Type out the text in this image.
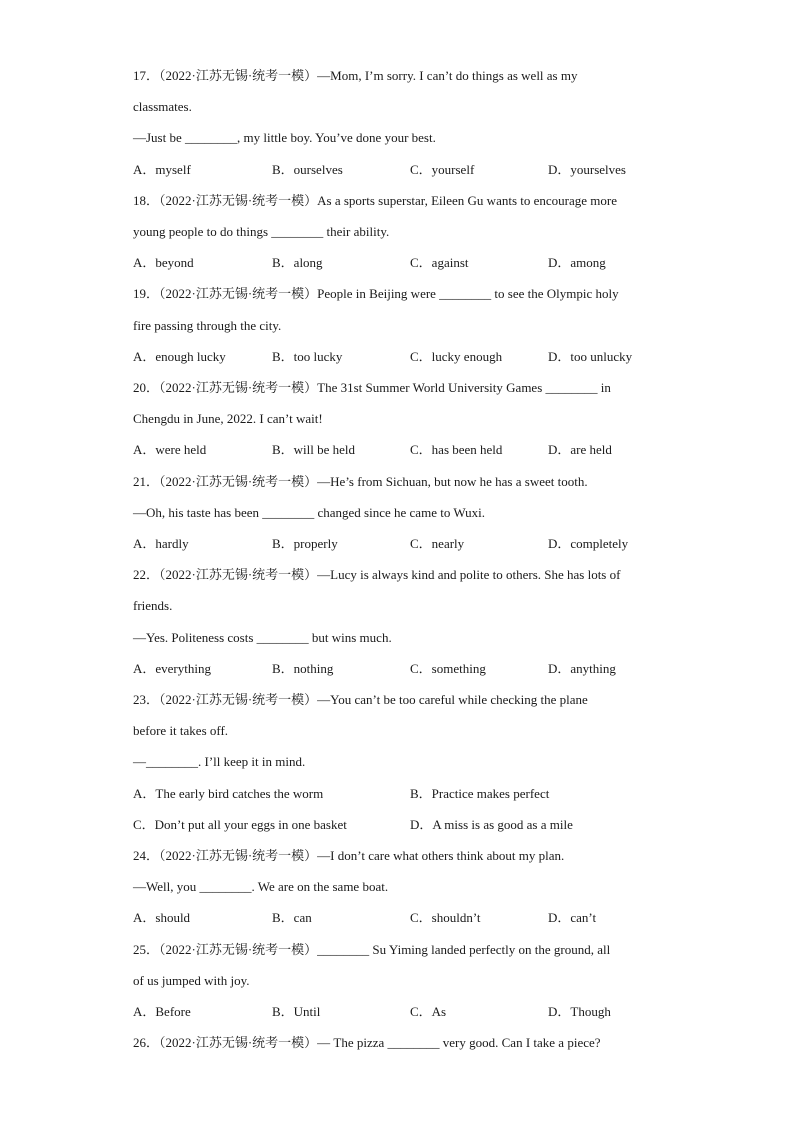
17．（2022·江苏无锡·统考一模）—Mom, I’m sorry. I can’t do things as well as my
classmates.
—Just be ________, my little boy. You’ve done your best.
A．myself	B．ourselves	C．yourself	D．yourselves
18．（2022·江苏无锡·统考一模）As a sports superstar, Eileen Gu wants to encourage more
young people to do things ________ their ability.
A．beyond	B．along	C．against	D．among
19．（2022·江苏无锡·统考一模）People in Beijing were ________ to see the Olympic holy
fire passing through the city.
A．enough lucky	B．too lucky	C．lucky enough	D．too unlucky
20．（2022·江苏无锡·统考一模）The 31st Summer World University Games ________ in
Chengdu in June, 2022. I can’t wait!
A．were held	B．will be held	C．has been held	D．are held
21．（2022·江苏无锡·统考一模）—He’s from Sichuan, but now he has a sweet tooth.
—Oh, his taste has been ________ changed since he came to Wuxi.
A．hardly	B．properly	C．nearly	D．completely
22．（2022·江苏无锡·统考一模）—Lucy is always kind and polite to others. She has lots of
friends.
—Yes. Politeness costs ________ but wins much.
A．everything	B．nothing	C．something	D．anything
23．（2022·江苏无锡·统考一模）—You can’t be too careful while checking the plane
before it takes off.
—________. I’ll keep it in mind.
A．The early bird catches the worm	B．Practice makes perfect
C．Don’t put all your eggs in one basket	D．A miss is as good as a mile
24．（2022·江苏无锡·统考一模）—I don’t care what others think about my plan.
—Well, you ________. We are on the same boat.
A．should	B．can	C．shouldn’t	D．can’t
25．（2022·江苏无锡·统考一模）________ Su Yiming landed perfectly on the ground, all
of us jumped with joy.
A．Before	B．Until	C．As	D．Though
26．（2022·江苏无锡·统考一模）— The pizza ________ very good. Can I take a piece?
